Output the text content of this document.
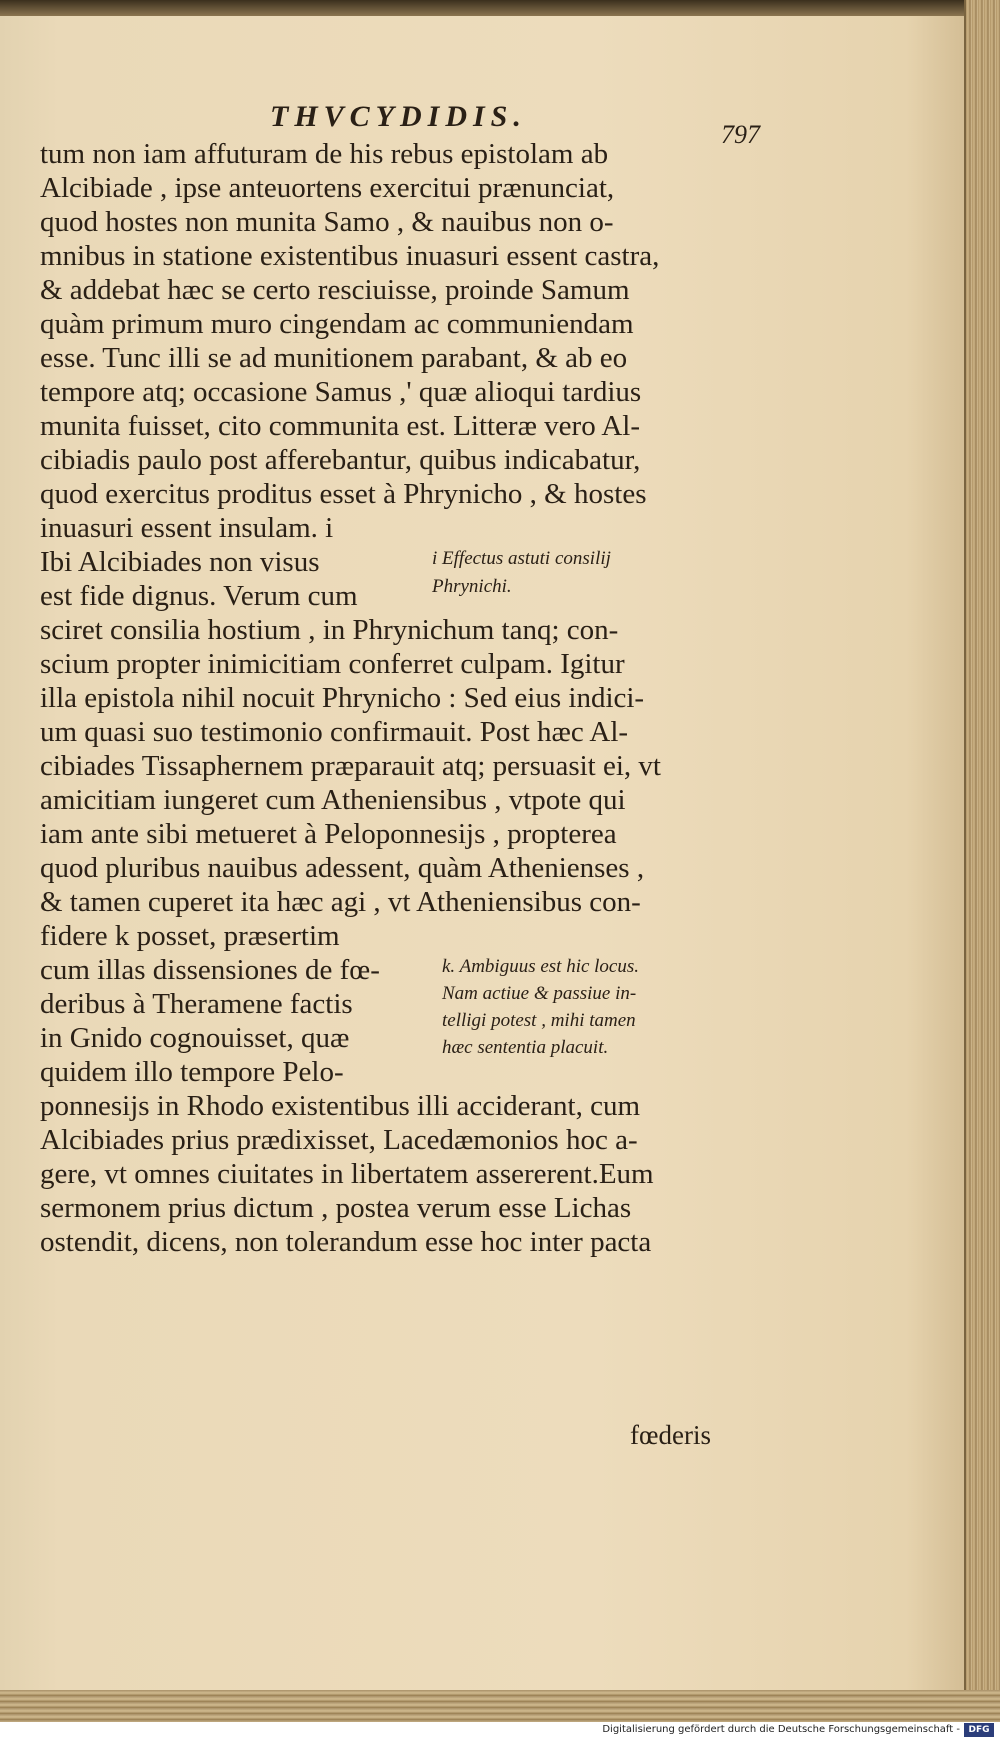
THVCYDIDIS.
797
tum non iam affuturam de his rebus epistolam ab
Alcibiade , ipse anteuortens exercitui prænunciat,
quod hostes non munita Samo , & nauibus non o-
mnibus in statione existentibus inuasuri essent castra,
& addebat hæc se certo resciuisse, proinde Samum
quàm primum muro cingendam ac communiendam
esse. Tunc illi se ad munitionem parabant, & ab eo
tempore atq; occasione Samus ,' quæ alioqui tardius
munita fuisset, cito communita est. Litteræ vero Al-
cibiadis paulo post afferebantur, quibus indicabatur,
quod exercitus proditus esset à Phrynicho , & hostes
inuasuri essent insulam. i
Ibi Alcibiades non visus
est fide dignus. Verum cum
sciret consilia hostium , in Phrynichum tanq; con-
scium propter inimicitiam conferret culpam. Igitur
illa epistola nihil nocuit Phrynicho : Sed eius indici-
um quasi suo testimonio confirmauit. Post hæc Al-
cibiades Tissaphernem præparauit atq; persuasit ei, vt
amicitiam iungeret cum Atheniensibus , vtpote qui
iam ante sibi metueret à Peloponnesijs , propterea
quod pluribus nauibus adessent, quàm Athenienses ,
& tamen cuperet ita hæc agi , vt Atheniensibus con-
fidere k posset, præsertim
cum illas dissensiones de fœ-
deribus à Theramene factis
in Gnido cognouisset, quæ
quidem illo tempore Pelo-
ponnesijs in Rhodo existentibus illi acciderant, cum
Alcibiades prius prædixisset, Lacedæmonios hoc a-
gere, vt omnes ciuitates in libertatem assererent.Eum
sermonem prius dictum , postea verum esse Lichas
ostendit, dicens, non tolerandum esse hoc inter pacta
i Effectus astuti consilij
Phrynichi.
k. Ambiguus est hic locus.
Nam actiue & passiue in-
telligi potest , mihi tamen
hæc sententia placuit.
fœderis
Digitalisierung gefördert durch die Deutsche Forschungsgemeinschaft - DFG
